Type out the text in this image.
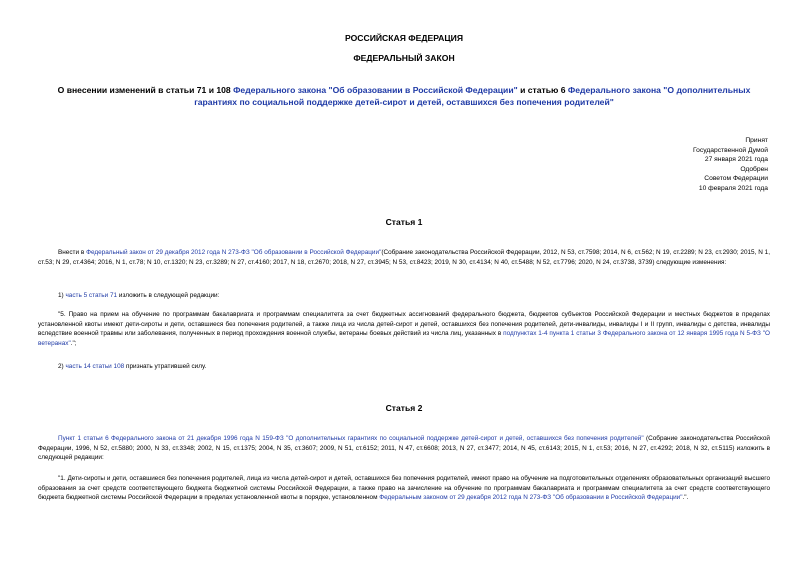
РОССИЙСКАЯ ФЕДЕРАЦИЯ
ФЕДЕРАЛЬНЫЙ ЗАКОН
О внесении изменений в статьи 71 и 108 Федерального закона "Об образовании в Российской Федерации" и статью 6 Федерального закона "О дополнительных гарантиях по социальной поддержке детей-сирот и детей, оставшихся без попечения родителей"
Принят
Государственной Думой
27 января 2021 года
Одобрен
Советом Федерации
10 февраля 2021 года
Статья 1
Внести в Федеральный закон от 29 декабря 2012 года N 273-ФЗ "Об образовании в Российской Федерации"(Собрание законодательства Российской Федерации, 2012, N 53, ст.7598; 2014, N 6, ст.562; N 19, ст.2289; N 23, ст.2930; 2015, N 1, ст.53; N 29, ст.4364; 2016, N 1, ст.78; N 10, ст.1320; N 23, ст.3289; N 27, ст.4160; 2017, N 18, ст.2670; 2018, N 27, ст.3945; N 53, ст.8423; 2019, N 30, ст.4134; N 40, ст.5488; N 52, ст.7796; 2020, N 24, ст.3738, 3739) следующие изменения:
1) часть 5 статьи 71 изложить в следующей редакции:
"5. Право на прием на обучение по программам бакалавриата и программам специалитета за счет бюджетных ассигнований федерального бюджета, бюджетов субъектов Российской Федерации и местных бюджетов в пределах установленной квоты имеют дети-сироты и дети, оставшиеся без попечения родителей, а также лица из числа детей-сирот и детей, оставшихся без попечения родителей, дети-инвалиды, инвалиды I и II групп, инвалиды с детства, инвалиды вследствие военной травмы или заболевания, полученных в период прохождения военной службы, ветераны боевых действий из числа лиц, указанных в подпунктах 1-4 пункта 1 статьи 3 Федерального закона от 12 января 1995 года N 5-ФЗ "О ветеранах".";
2) часть 14 статьи 108 признать утратившей силу.
Статья 2
Пункт 1 статьи 6 Федерального закона от 21 декабря 1996 года N 159-ФЗ "О дополнительных гарантиях по социальной поддержке детей-сирот и детей, оставшихся без попечения родителей" (Собрание законодательства Российской Федерации, 1996, N 52, ст.5880; 2000, N 33, ст.3348; 2002, N 15, ст.1375; 2004, N 35, ст.3607; 2009, N 51, ст.6152; 2011, N 47, ст.6608; 2013, N 27, ст.3477; 2014, N 45, ст.6143; 2015, N 1, ст.53; 2016, N 27, ст.4292; 2018, N 32, ст.5115) изложить в следующей редакции:
"1. Дети-сироты и дети, оставшиеся без попечения родителей, лица из числа детей-сирот и детей, оставшихся без попечения родителей, имеют право на обучение на подготовительных отделениях образовательных организаций высшего образования за счет средств соответствующего бюджета бюджетной системы Российской Федерации, а также право на зачисление на обучение по программам бакалавриата и программам специалитета за счет средств соответствующего бюджета бюджетной системы Российской Федерации в пределах установленной квоты в порядке, установленном Федеральным законом от 29 декабря 2012 года N 273-ФЗ "Об образовании в Российской Федерации".".
